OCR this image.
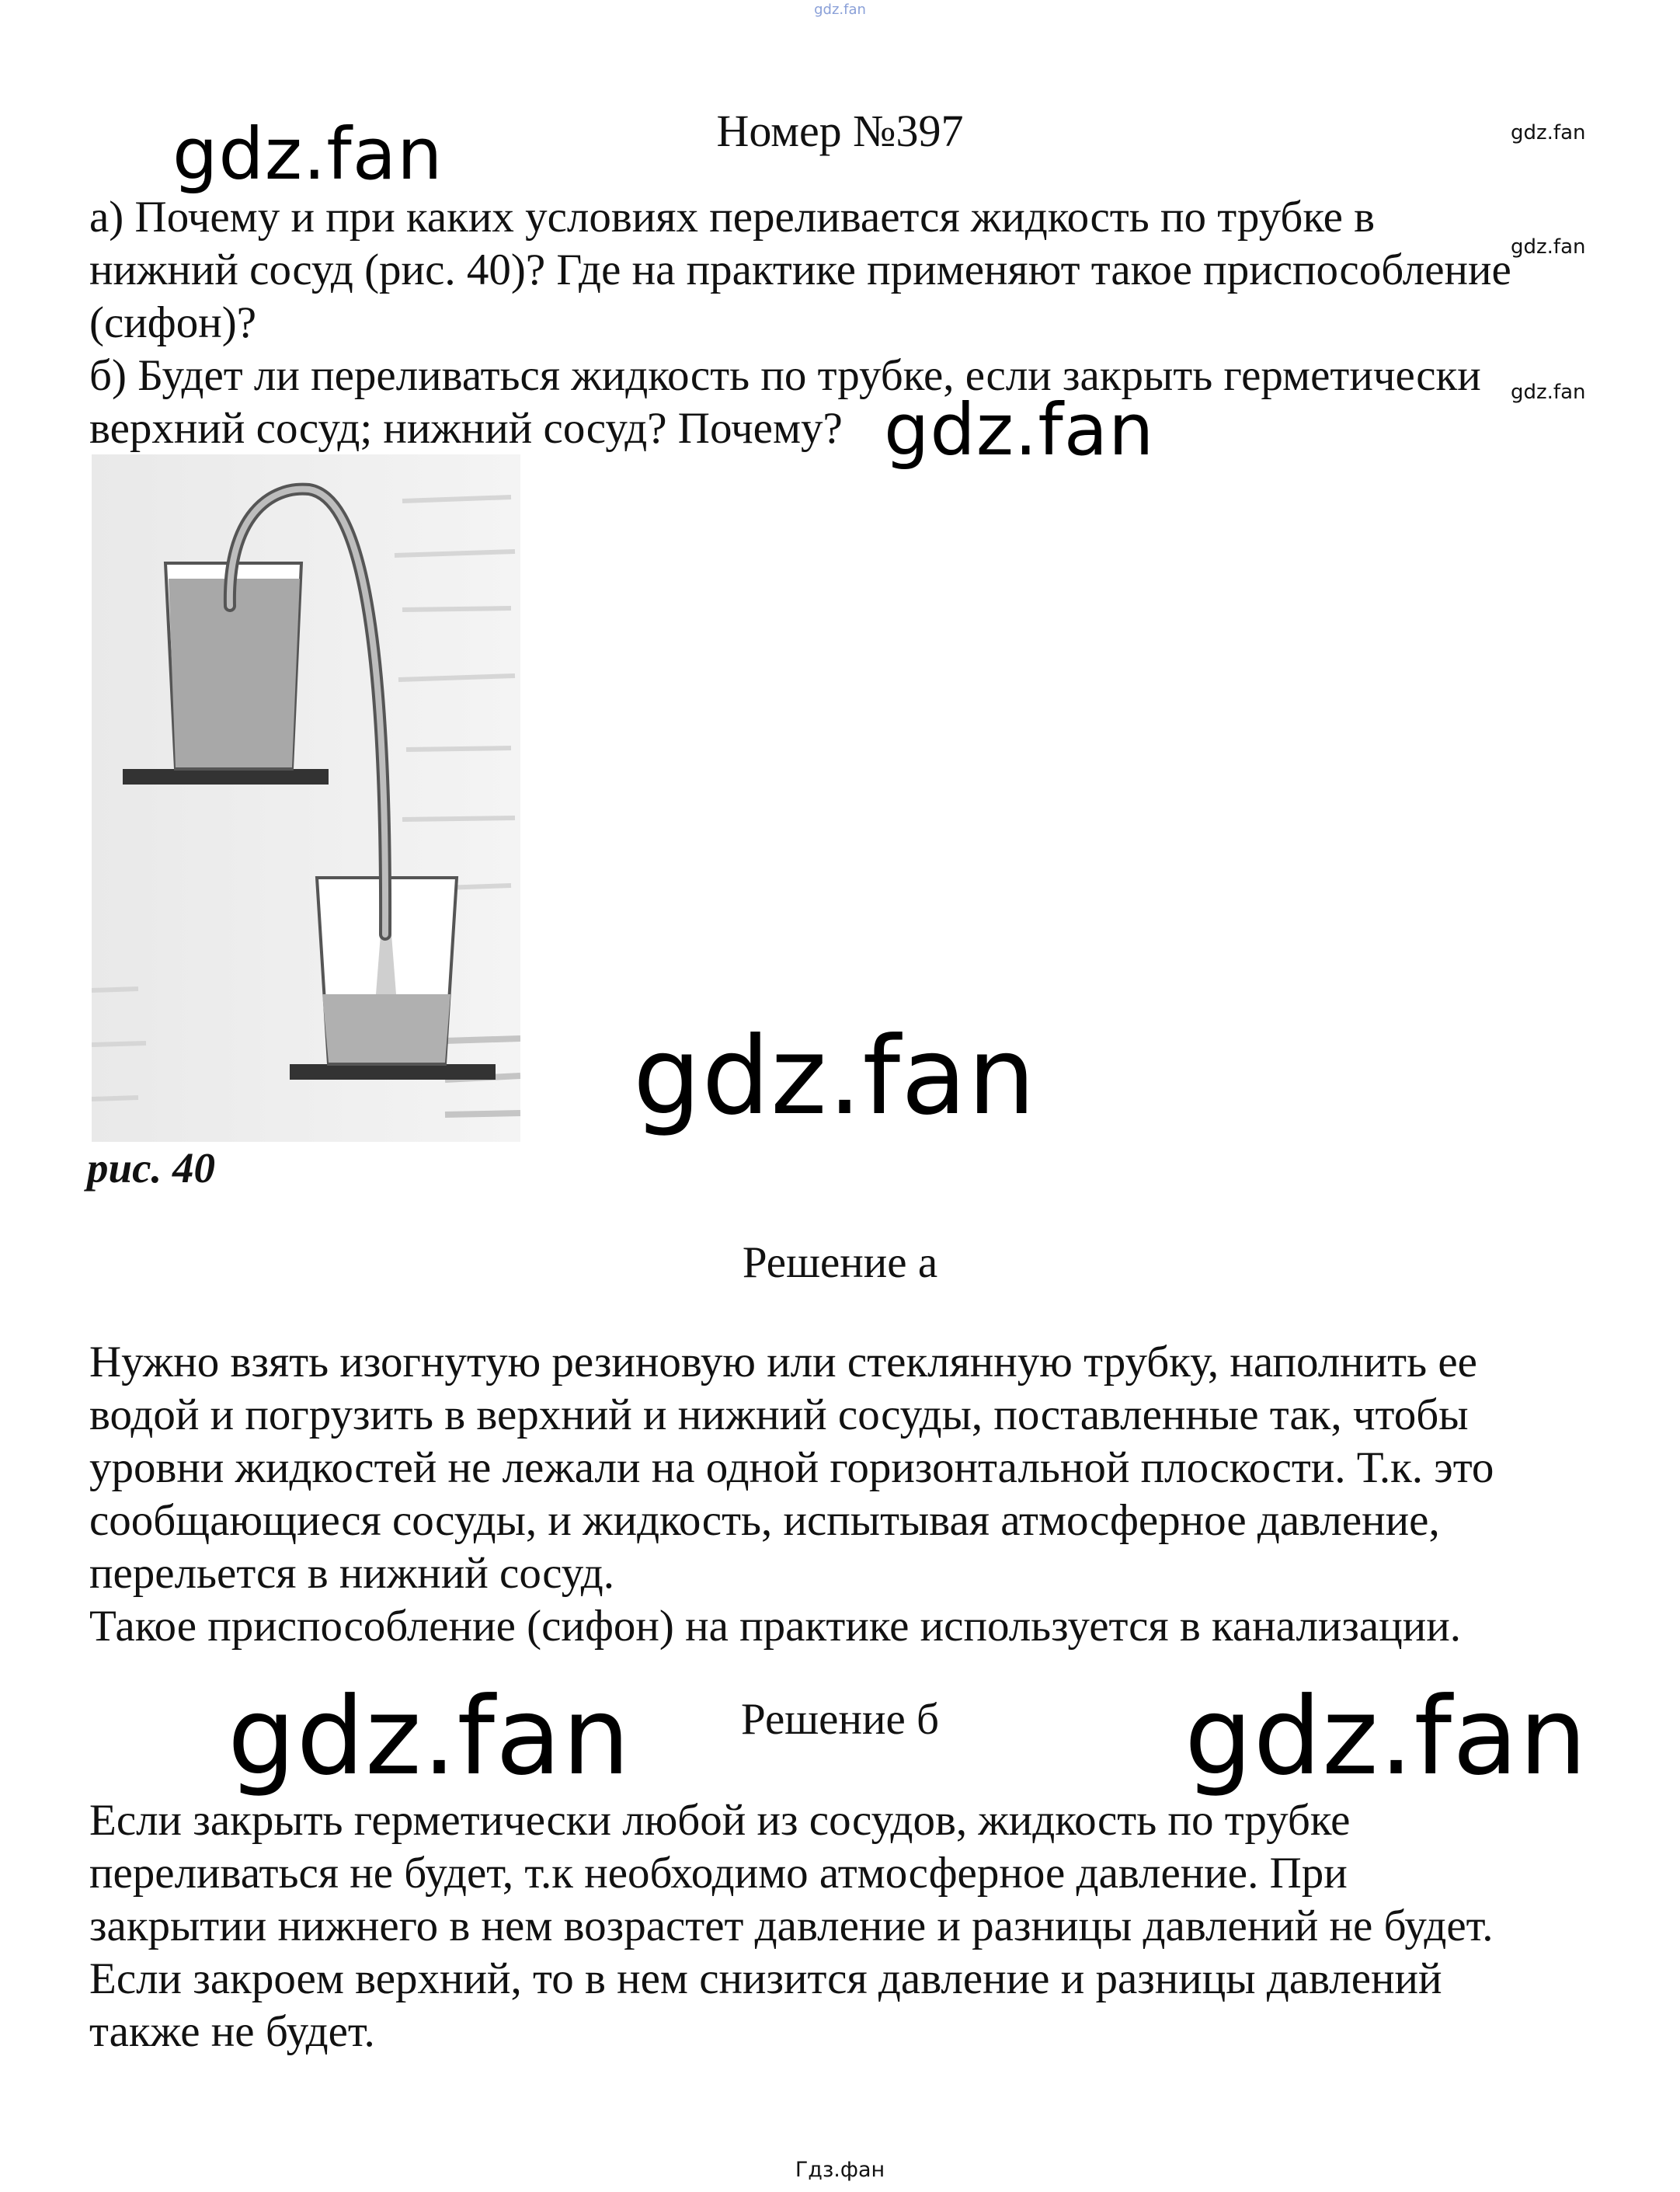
gdz.fan
Номер №397
а) Почему и при каких условиях переливается жидкость по трубке в
нижний сосуд (рис. 40)? Где на практике применяют такое приспособление
(сифон)?
б) Будет ли переливаться жидкость по трубке, если закрыть герметически
верхний сосуд; нижний сосуд? Почему?
рис. 40
Решение а
Нужно взять изогнутую резиновую или стеклянную трубку, наполнить ее
водой и погрузить в верхний и нижний сосуды, поставленные так, чтобы
уровни жидкостей не лежали на одной горизонтальной плоскости. Т.к. это
сообщающиеся сосуды, и жидкость, испытывая атмосферное давление,
перельется в нижний сосуд.
Такое приспособление (сифон) на практике используется в канализации.
Решение б
Если закрыть герметически любой из сосудов, жидкость по трубке
переливаться не будет, т.к необходимо атмосферное давление. При
закрытии нижнего в нем возрастет давление и разницы давлений не будет.
Если закроем верхний, то в нем снизится давление и разницы давлений
также не будет.
gdz.fan
gdz.fan
gdz.fan
gdz.fan	gdz.fan
gdz.fan
gdz.fan
gdz.fan
Гдз.фан
